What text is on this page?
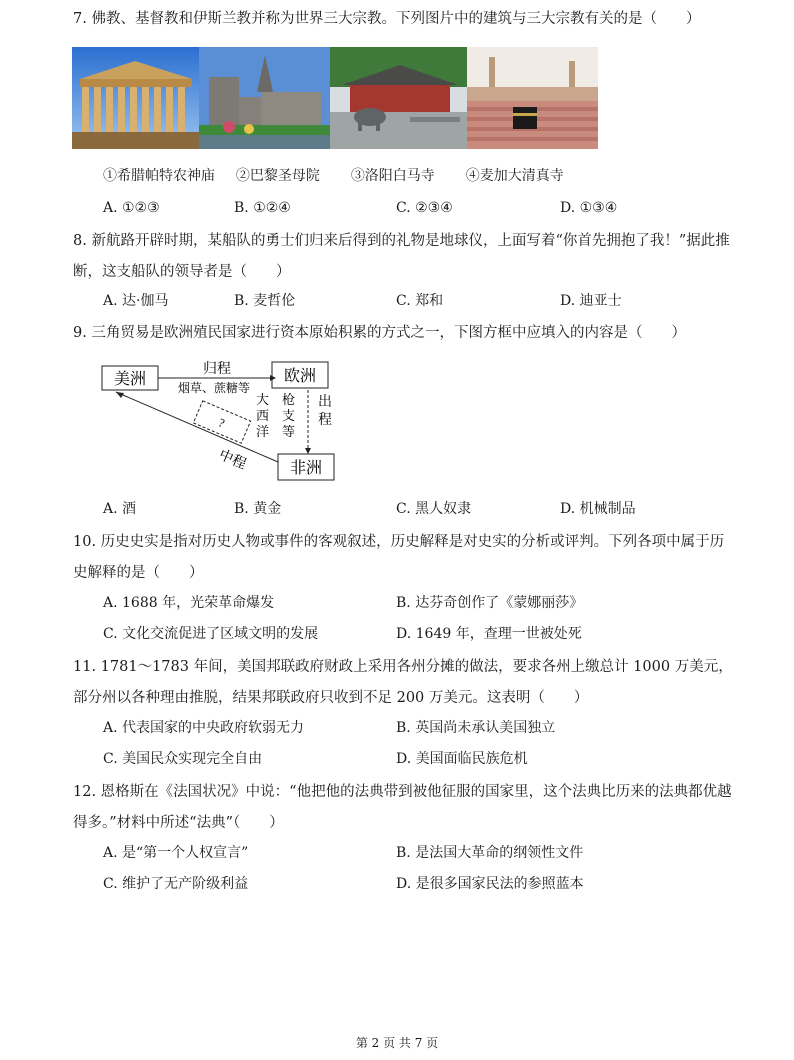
7. 佛教、基督教和伊斯兰教并称为世界三大宗教。下列图片中的建筑与三大宗教有关的是（　　）
①希腊帕特农神庙 ②巴黎圣母院 ③洛阳白马寺 ④麦加大清真寺
A. ①②③	B. ①②④	C. ②③④	D. ①③④
8. 新航路开辟时期，某船队的勇士们归来后得到的礼物是地球仪，上面写着“你首先拥抱了我！”据此推断，这支船队的领导者是（　　）
A. 达·伽马	B. 麦哲伦	C. 郑和	D. 迪亚士
9. 三角贸易是欧洲殖民国家进行资本原始积累的方式之一，下图方框中应填入的内容是（　　）
美洲	欧洲
非洲
归程
烟草、蔗糖等
出
程
枪
支
等
大
西
洋
中程
?
A. 酒	B. 黄金	C. 黑人奴隶	D. 机械制品
10. 历史史实是指对历史人物或事件的客观叙述，历史解释是对史实的分析或评判。下列各项中属于历史解释的是（　　）
A. 1688 年，光荣革命爆发	B. 达芬奇创作了《蒙娜丽莎》
C. 文化交流促进了区域文明的发展	D. 1649 年，查理一世被处死
11. 1781～1783 年间，美国邦联政府财政上采用各州分摊的做法，要求各州上缴总计 1000 万美元，部分州以各种理由推脱，结果邦联政府只收到不足 200 万美元。这表明（　　）
A. 代表国家的中央政府软弱无力	B. 英国尚未承认美国独立
C. 美国民众实现完全自由	D. 美国面临民族危机
12. 恩格斯在《法国状况》中说：“他把他的法典带到被他征服的国家里，这个法典比历来的法典都优越得多。”材料中所述“法典”（　　）
A. 是“第一个人权宣言”	B. 是法国大革命的纲领性文件
C. 维护了无产阶级利益	D. 是很多国家民法的参照蓝本
第 2 页 共 7 页
